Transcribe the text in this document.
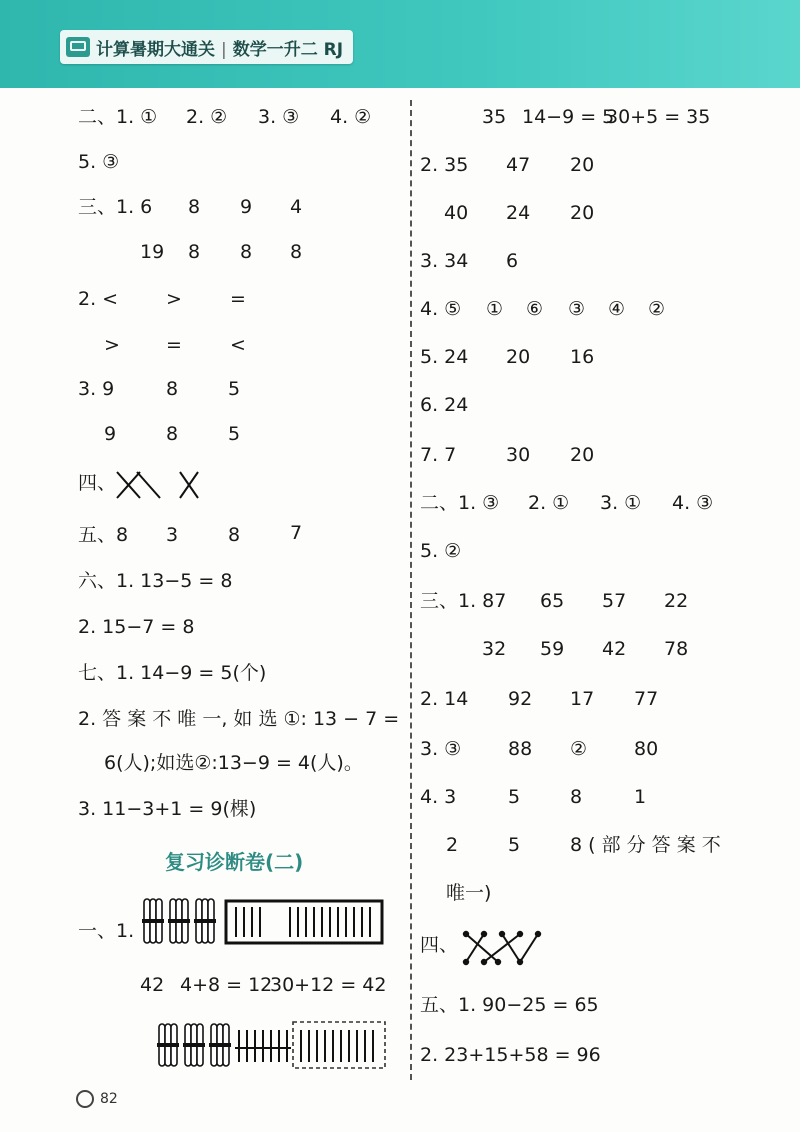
计算暑期大通关 | 数学一升二 RJ
二、1. ① 2. ② 3. ③ 4. ②
5. ③
三、1. 6 8 9 4
19 8 8 8
2. <	>	=
> =	<
3. 9	8	5
9	8	5
四、
五、8 3	8	7
六、1. 13−5 = 8
2. 15−7 = 8
七、1. 14−9 = 5(个)
2. 答 案 不 唯 一, 如 选 ①: 13 − 7 =
6(人);如选②:13−9 = 4(人)。
3. 11−3+1 = 9(棵)
复习诊断卷(二)
一、1.
42 4+8 = 12
30+12 = 42
35 14−9 = 5
30+5 = 35
2. 35 47 20
40 24 20
3. 34 6
4. ⑤ ① ⑥ ③ ④ ②
5. 24 20 16
6. 24
7. 7	30 20
二、1. ③ 2. ① 3. ① 4. ③
5. ②
三、1. 87 65 57 22
32 59 42 78
2. 14 92 17 77
3. ③ 88 ② 80
4. 3	5	8	1
2	5	8 ( 部 分 答 案 不
唯一)
四、
五、1. 90−25 = 65
2. 23+15+58 = 96
82
